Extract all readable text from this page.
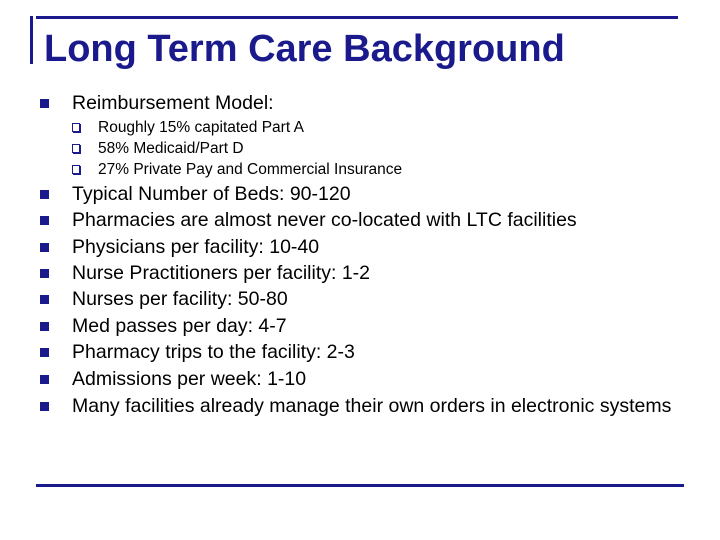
Long Term Care Background
Reimbursement Model:
Roughly 15% capitated Part A
58% Medicaid/Part D
27% Private Pay and Commercial Insurance
Typical Number of Beds: 90-120
Pharmacies are almost never co-located with LTC facilities
Physicians per facility: 10-40
Nurse Practitioners per facility: 1-2
Nurses per facility: 50-80
Med passes per day: 4-7
Pharmacy trips to the facility: 2-3
Admissions per week: 1-10
Many facilities already manage their own orders in electronic systems
